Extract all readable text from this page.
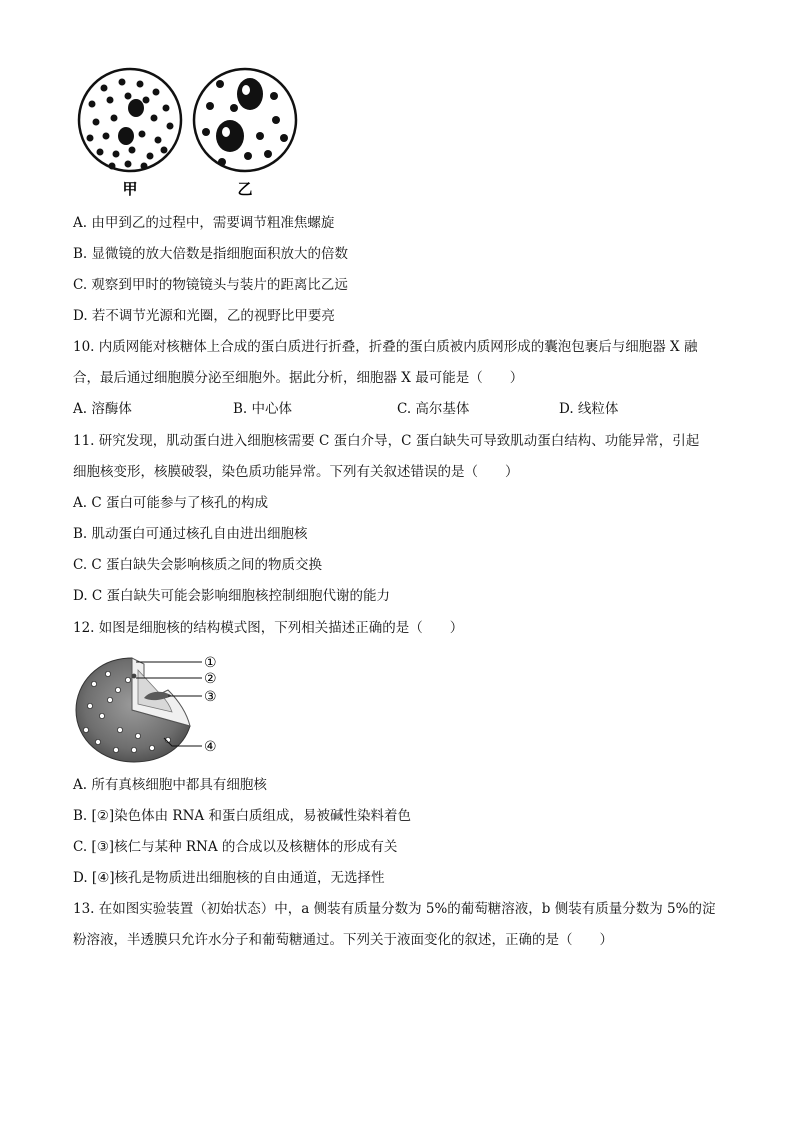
甲	乙
A. 由甲到乙的过程中，需要调节粗准焦螺旋
B. 显微镜的放大倍数是指细胞面积放大的倍数
C. 观察到甲时的物镜镜头与装片的距离比乙远
D. 若不调节光源和光圈，乙的视野比甲要亮
10. 内质网能对核糖体上合成的蛋白质进行折叠，折叠的蛋白质被内质网形成的囊泡包裹后与细胞器 X 融
合，最后通过细胞膜分泌至细胞外。据此分析，细胞器 X 最可能是（　　）
A. 溶酶体	B. 中心体	C. 高尔基体	D. 线粒体
11. 研究发现，肌动蛋白进入细胞核需要 C 蛋白介导，C 蛋白缺失可导致肌动蛋白结构、功能异常，引起
细胞核变形，核膜破裂，染色质功能异常。下列有关叙述错误的是（　　）
A. C 蛋白可能参与了核孔的构成
B. 肌动蛋白可通过核孔自由进出细胞核
C. C 蛋白缺失会影响核质之间的物质交换
D. C 蛋白缺失可能会影响细胞核控制细胞代谢的能力
12. 如图是细胞核的结构模式图，下列相关描述正确的是（　　）
①
②
③
④
A. 所有真核细胞中都具有细胞核
B. [②]染色体由 RNA 和蛋白质组成，易被碱性染料着色
C. [③]核仁与某种 RNA 的合成以及核糖体的形成有关
D. [④]核孔是物质进出细胞核的自由通道，无选择性
13. 在如图实验装置（初始状态）中，a 侧装有质量分数为 5%的葡萄糖溶液，b 侧装有质量分数为 5%的淀
粉溶液，半透膜只允许水分子和葡萄糖通过。下列关于液面变化的叙述，正确的是（　　）
